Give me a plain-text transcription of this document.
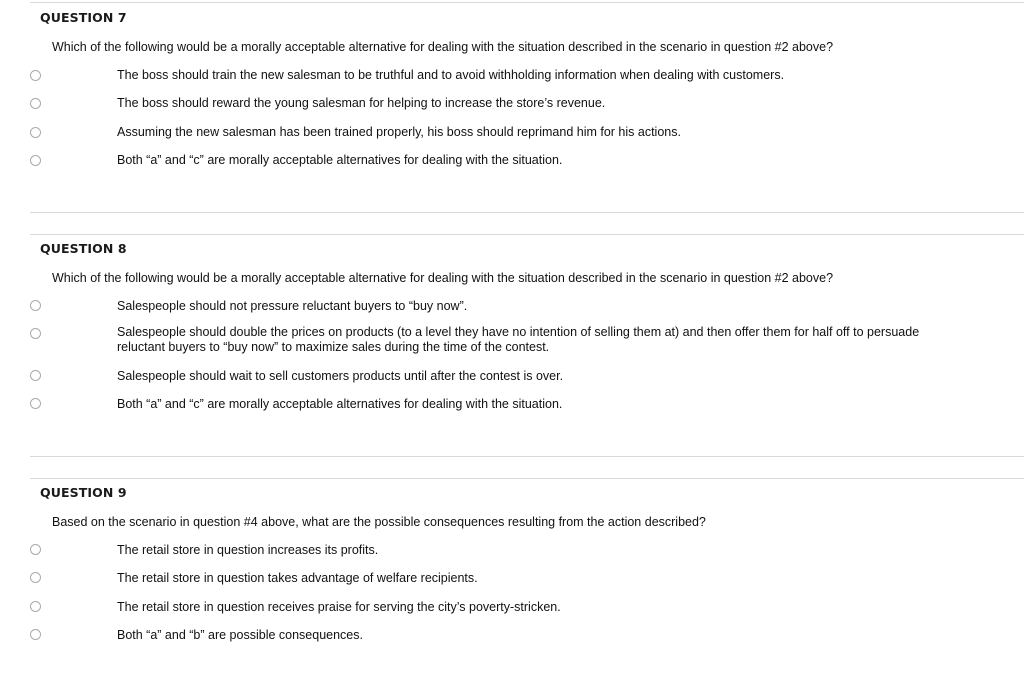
QUESTION 7
Which of the following would be a morally acceptable alternative for dealing with the situation described in the scenario in question #2 above?
The boss should train the new salesman to be truthful and to avoid withholding information when dealing with customers.
The boss should reward the young salesman for helping to increase the store’s revenue.
Assuming the new salesman has been trained properly, his boss should reprimand him for his actions.
Both “a” and “c” are morally acceptable alternatives for dealing with the situation.
QUESTION 8
Which of the following would be a morally acceptable alternative for dealing with the situation described in the scenario in question #2 above?
Salespeople should not pressure reluctant buyers to “buy now”.
Salespeople should double the prices on products (to a level they have no intention of selling them at) and then offer them for half off to persuade reluctant buyers to “buy now” to maximize sales during the time of the contest.
Salespeople should wait to sell customers products until after the contest is over.
Both “a” and “c” are morally acceptable alternatives for dealing with the situation.
QUESTION 9
Based on the scenario in question #4 above, what are the possible consequences resulting from the action described?
The retail store in question increases its profits.
The retail store in question takes advantage of welfare recipients.
The retail store in question receives praise for serving the city’s poverty-stricken.
Both “a” and “b” are possible consequences.
